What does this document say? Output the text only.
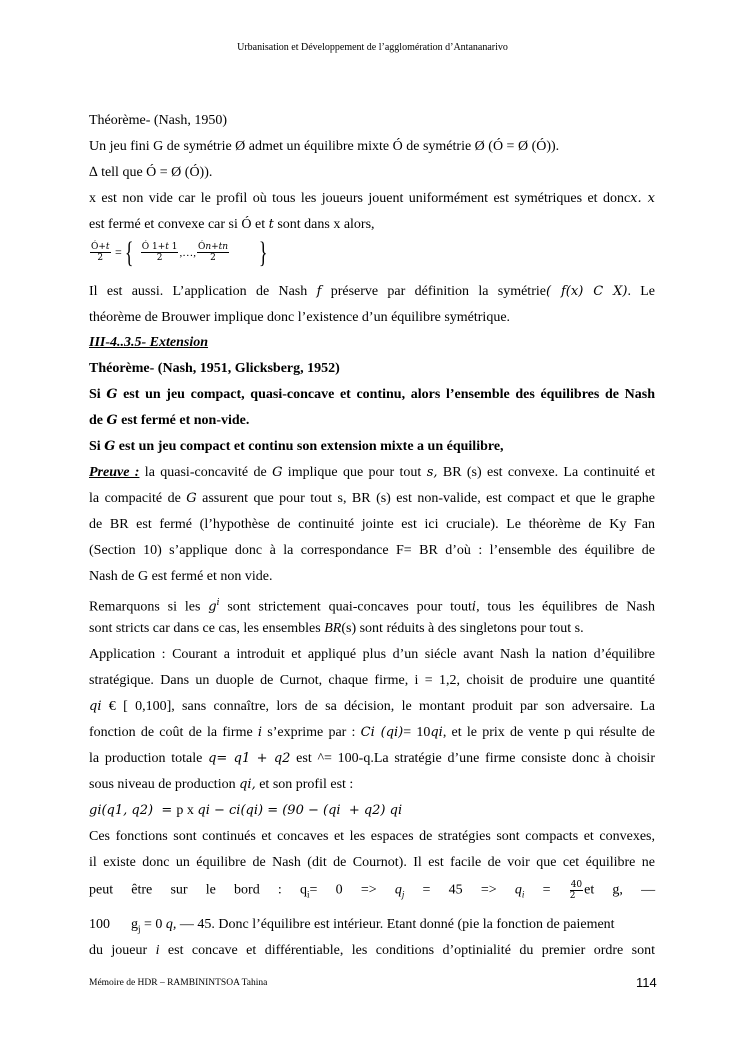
Urbanisation et Développement de l’agglomération d’Antananarivo
Théorème- (Nash, 1950)
Un jeu fini G de symétrie Ø admet un équilibre mixte Ó de symétrie Ø (Ó = Ø (Ó)).
∆ tell que Ó = Ø (Ó)).
x est non vide car le profil où tous les joueurs jouent uniformément est symétriques et donc𝑥. 𝑥
est fermé et convexe car si Ó et 𝑡 sont dans x alors,
$\frac{\text{Ó+𝑡}}{2}$ ={ $\frac{\text{Ó 1+𝑡 1}}{2}$ ,…, $\frac{\text{Ó𝑛+𝑡𝑛}}{2}$ }
Il est aussi. L’application de Nash 𝑓 préserve par définition la symétrie( 𝑓(𝑥) 𝐶 𝑋). Le
théorème de Brouwer implique donc l’existence d’un équilibre symétrique.
III-4..3.5- Extension
Théorème- (Nash, 1951, Glicksberg, 1952)
Si 𝑮 est un jeu compact, quasi-concave et continu, alors l’ensemble des équilibres de Nash
de 𝑮 est fermé et non-vide.
Si 𝑮 est un jeu compact et continu son extension mixte a un équilibre,
Preuve : la quasi-concavité de 𝐺 implique que pour tout 𝑠, BR (s) est convexe. La continuité et
la compacité de 𝐺 assurent que pour tout s, BR (s) est non-valide, est compact et que le graphe
de BR est fermé (l’hypothèse de continuité jointe est ici cruciale). Le théorème de Ky Fan
(Section 10) s’applique donc à la correspondance F= BR d’où : l’ensemble des équilibre de
Nash de G est fermé et non vide.
Remarquons si les 𝑔$^𝑖$ sont strictement quai-concaves pour tout𝑖, tous les équilibres de Nash
sont stricts car dans ce cas, les ensembles BR(s) sont réduits à des singletons pour tout s.
Application : Courant a introduit et appliqué plus d’un siécle avant Nash la nation d’équilibre
stratégique. Dans un duople de Curnot, chaque firme, i = 1,2, choisit de produire une quantité
𝑞𝑖 € [ 0,100], sans connaître, lors de sa décision, le montant produit par son adversaire. La
fonction de coût de la firme 𝑖 s’exprime par : 𝐶𝑖 (𝑞𝑖)= 10𝑞𝑖, et le prix de vente p qui résulte de
la production totale 𝑞= 𝑞1 + 𝑞2 est ^= 100-q.La stratégie d’une firme consiste donc à choisir
sous niveau de production 𝑞𝑖, et son profil est :
𝑔𝑖(𝑞1, 𝑞2)  = p x 𝑞𝑖 − 𝑐𝑖(𝑞𝑖) = (90 − (𝑞𝑖  + 𝑞2) 𝑞𝑖
Ces fonctions sont continués et concaves et les espaces de stratégies sont compacts et convexes,
il existe donc un équilibre de Nash (dit de Cournot). Il est facile de voir que cet équilibre ne
peut être sur le bord : $q_i= 0 => q_j = 45 => q_i = \frac{40}{2}$ et g, —
100      $g_j = 0$ q, — 45. Donc l’équilibre est intérieur. Etant donné (pie la fonction de paiement
du joueur i est concave et différentiable, les conditions d’optinialité du premier ordre sont
Mémoire de HDR – RAMBININTSOA Tahina	114
